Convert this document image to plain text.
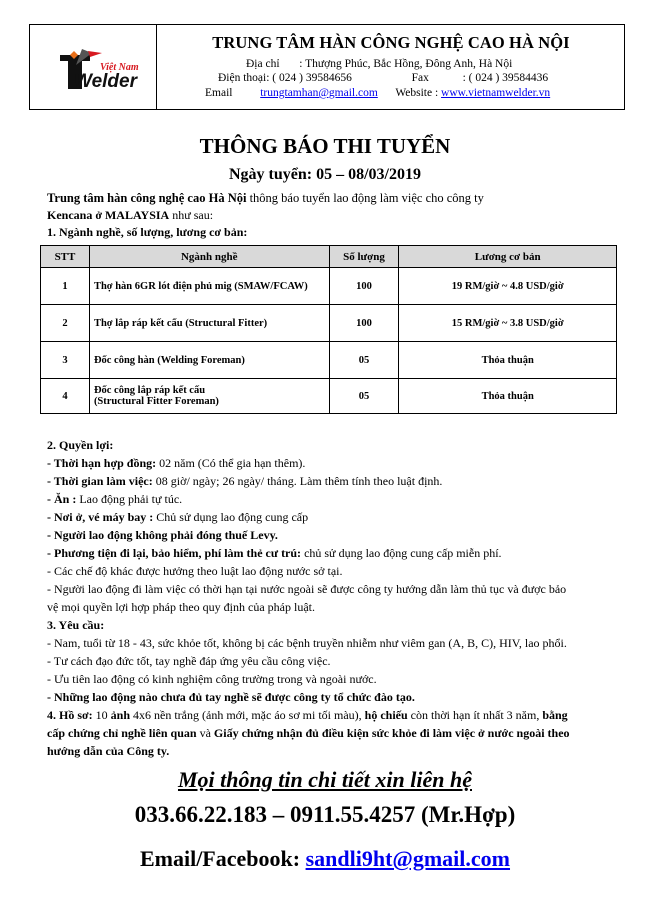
Việt Nam
Welder
TRUNG TÂM HÀN CÔNG NGHỆ CAO HÀ NỘI
Địa chỉ : Thượng Phúc, Bắc Hồng, Đông Anh, Hà Nội
Điện thoại: ( 024 ) 39584656	Fax	: ( 024 ) 39584436
Email trungtamhan@gmail.com Website : www.vietnamwelder.vn
THÔNG BÁO THI TUYỂN
Ngày tuyển: 05 – 08/03/2019
Trung tâm hàn công nghệ cao Hà Nội thông báo tuyển lao động làm việc cho công ty
Kencana ở MALAYSIA như sau:
1. Ngành nghề, số lượng, lương cơ bản:
STT	Ngành nghề	Số lượng	Lương cơ bản
1	Thợ hàn 6GR lót điện phủ mig (SMAW/FCAW)	100	19 RM/giờ ~ 4.8 USD/giờ
2	Thợ lắp ráp kết cấu (Structural Fitter)	100	15 RM/giờ ~ 3.8 USD/giờ
3	Đốc công hàn (Welding Foreman)	05	Thỏa thuận
4	Đốc công lắp ráp kết cấu
(Structural Fitter Foreman)	05	Thỏa thuận
2. Quyền lợi:
- Thời hạn hợp đồng: 02 năm (Có thể gia hạn thêm).
- Thời gian làm việc: 08 giờ/ ngày; 26 ngày/ tháng. Làm thêm tính theo luật định.
- Ăn : Lao động phải tự túc.
- Nơi ở, vé máy bay : Chủ sử dụng lao động cung cấp
- Người lao động không phải đóng thuế Levy.
- Phương tiện đi lại, bảo hiểm, phí làm thẻ cư trú: chủ sử dụng lao động cung cấp miễn phí.
- Các chế độ khác được hưởng theo luật lao động nước sở tại.
- Người lao động đi làm việc có thời hạn tại nước ngoài sẽ được công ty hướng dẫn làm thủ tục và được bảo
vệ mọi quyền lợi hợp pháp theo quy định của pháp luật.
3. Yêu cầu:
- Nam, tuổi từ 18 - 43, sức khỏe tốt, không bị các bệnh truyền nhiễm như viêm gan (A, B, C), HIV, lao phổi.
- Tư cách đạo đức tốt, tay nghề đáp ứng yêu cầu công việc.
- Ưu tiên lao động có kinh nghiệm công trường trong và ngoài nước.
- Những lao động nào chưa đủ tay nghề sẽ được công ty tổ chức đào tạo.
4. Hồ sơ: 10 ảnh 4x6 nền trắng (ảnh mới, mặc áo sơ mi tối màu), hộ chiếu còn thời hạn ít nhất 3 năm, bằng
cấp chứng chỉ nghề liên quan và Giấy chứng nhận đủ điều kiện sức khỏe đi làm việc ở nước ngoài theo
hướng dẫn của Công ty.
Mọi thông tin chi tiết xin liên hệ
033.66.22.183 – 0911.55.4257 (Mr.Hợp)
Email/Facebook: sandli9ht@gmail.com
